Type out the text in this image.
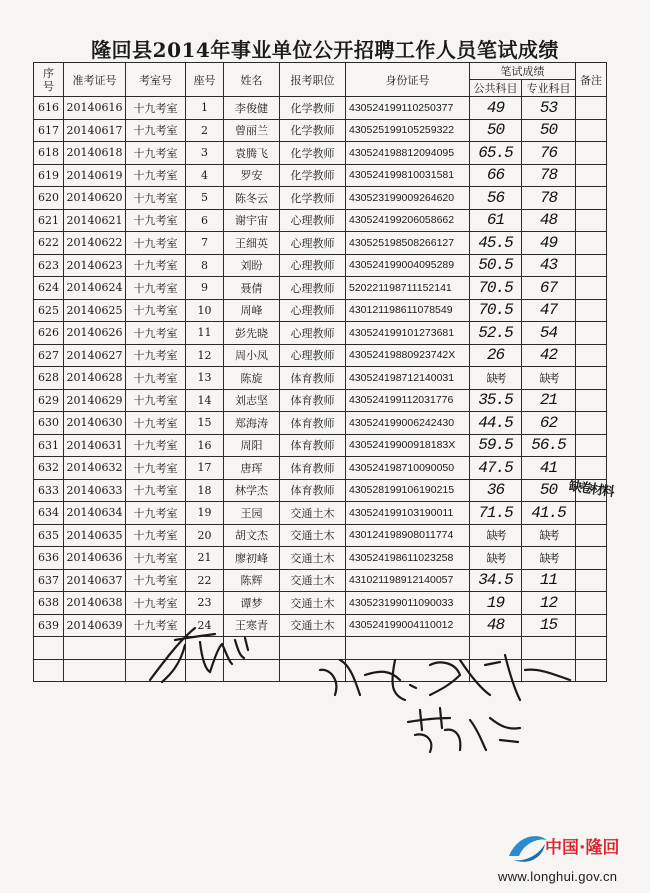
隆回县2014年事业单位公开招聘工作人员笔试成绩
序号	准考证号	考室号	座号	姓名	报考职位	身份证号	笔试成绩		备注
							公共科目	专业科目	
616	20140616	十九考室	1	李俊健	化学教师	430524199110250377	49	53	
617	20140617	十九考室	2	曾丽兰	化学教师	430525199105259322	50	50	
618	20140618	十九考室	3	袁腾飞	化学教师	430524198812094095	65.5	76	
619	20140619	十九考室	4	罗安	化学教师	430524199810031581	66	78	
620	20140620	十九考室	5	陈冬云	化学教师	430523199009264620	56	78	
621	20140621	十九考室	6	谢宇宙	心理教师	430524199206058662	61	48	
622	20140622	十九考室	7	王细英	心理教师	430525198508266127	45.5	49	
623	20140623	十九考室	8	刘盼	心理教师	430524199004095289	50.5	43	
624	20140624	十九考室	9	聂倩	心理教师	520221198711152141	70.5	67	
625	20140625	十九考室	10	周峰	心理教师	430121198611078549	70.5	47	
626	20140626	十九考室	11	彭先晓	心理教师	430524199101273681	52.5	54	
627	20140627	十九考室	12	周小凤	心理教师	43052419880923742X	26	42	
628	20140628	十九考室	13	陈旋	体育教师	430524198712140031	缺考	缺考	
629	20140629	十九考室	14	刘志坚	体育教师	430524199112031776	35.5	21	
630	20140630	十九考室	15	郑海涛	体育教师	430524199006242430	44.5	62	
631	20140631	十九考室	16	周阳	体育教师	43052419900918183X	59.5	56.5	
632	20140632	十九考室	17	唐珲	体育教师	430524198710090050	47.5	41	
633	20140633	十九考室	18	林学杰	体育教师	430528199106190215	36	50	
634	20140634	十九考室	19	王园	交通土木	430524199103190011	71.5	41.5	
635	20140635	十九考室	20	胡文杰	交通土木	430124198908011774	缺考	缺考	
636	20140636	十九考室	21	廖初峰	交通土木	430524198611023258	缺考	缺考	
637	20140637	十九考室	22	陈辉	交通土木	431021198912140057	34.5	11	
638	20140638	十九考室	23	谭梦	交通土木	430523199011090033	19	12	
639	20140639	十九考室	24	王寒青	交通土木	430524199004110012	48	15	

缺卷材料
中国·隆回
www.longhui.gov.cn
